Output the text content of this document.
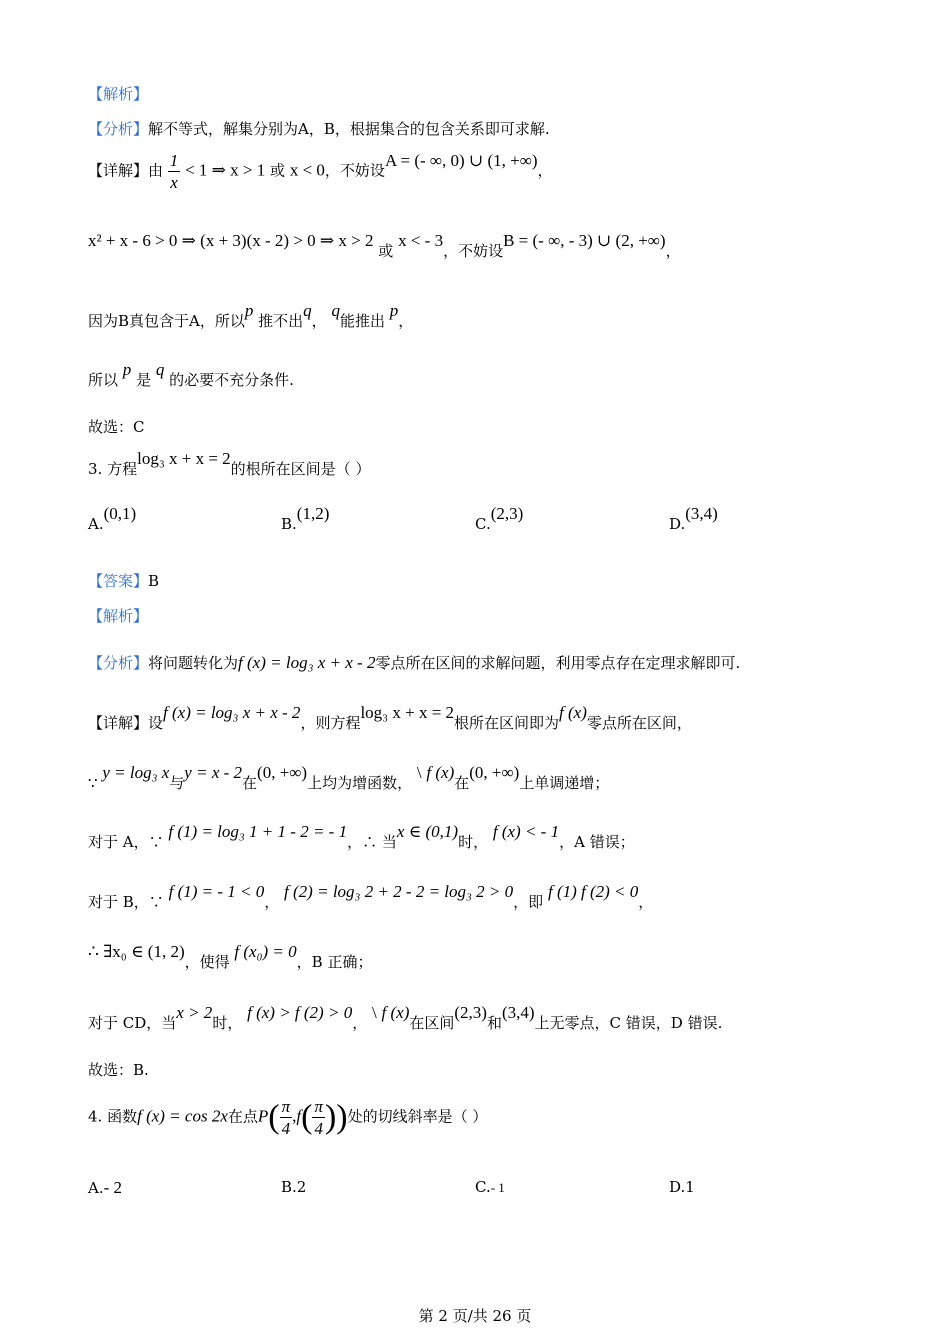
【解析】
【分析】解不等式，解集分别为A，B，根据集合的包含关系即可求解.
【详解】由 $\frac{1}{x} < 1$ ⇒ x > 1 或 x < 0，不妨设A = (- ∞, 0) ∪ (1, +∞)，
x² + x - 6 > 0 ⇒ (x + 3)(x - 2) > 0 ⇒ x > 2 或 x < - 3，不妨设B = (- ∞, - 3) ∪ (2, +∞)，
因为B真包含于A，所以p 推不出q， q能推出 p，
所以 p 是 q 的必要不充分条件.
故选：C
3. 方程log₃ x + x = 2的根所在区间是（ ）
A.(0,1)
B.(1,2)
C.(2,3)
D.(3,4)
【答案】B
【解析】
【分析】将问题转化为f (x) = log₃ x + x - 2零点所在区间的求解问题，利用零点存在定理求解即可.
【详解】设f (x) = log₃ x + x - 2，则方程log₃ x + x = 2根所在区间即为f (x)零点所在区间，
∵ y = log₃ x与y = x - 2在(0, +∞)上均为增函数， \ f (x)在(0, +∞)上单调递增；
对于 A，∵ f (1) = log₃ 1 + 1 - 2 = - 1，∴ 当x ∈ (0,1)时， f (x) < - 1，A 错误；
对于 B，∵ f (1) = - 1 < 0， f (2) = log₃ 2 + 2 - 2 = log₃ 2 > 0，即 f (1) f (2) < 0，
∴ ∃x₀ ∈ (1, 2)，使得 f (x₀) = 0，B 正确；
对于 CD，当x > 2时， f (x) > f (2) > 0， \ f (x)在区间(2,3)和(3,4)上无零点，C 错误，D 错误.
故选：B.
4. 函数f (x) = cos 2x在点$P( \frac{\pi}{4} ,f( \frac{\pi}{4}$ ))处的切线斜率是（ ）
A.- 2	B.2	C.- 1	D.1
第 2 页/共 26 页
